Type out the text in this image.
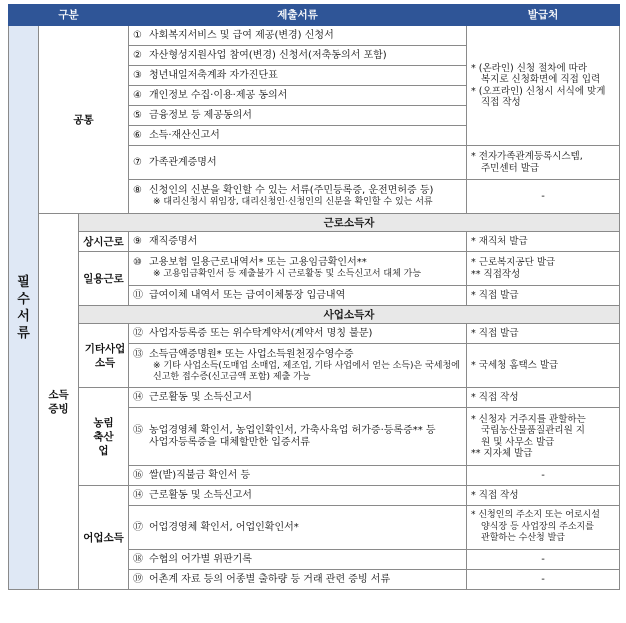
구분			제출서류	발급처
필수서류	공통		① 사회복지서비스 및 급여 제공(변경) 신청서	* (온라인) 신청 절차에 따라
복지로 신청화면에 직접 입력
* (오프라인) 신청시 서식에 맞게
직접 작성

			② 자산형성지원사업 참여(변경) 신청서(저축동의서 포함)	
			③ 청년내일저축계좌 자가진단표	
			④ 개인정보 수집·이용·제공 동의서	
			⑤ 금융정보 등 제공동의서	
			⑥ 소득·재산신고서	
			⑦ 가족관계증명서	* 전자가족관계등록시스템,
주민센터 발급

			⑧ 신청인의 신분을 확인할 수 있는 서류(주민등록증, 운전면허증 등)
※ 대리신청시 위임장, 대리신청인·신청인의 신분을 확인할 수 있는 서류	-
	소득증빙	근로소득자		
		상시근로	⑨ 재직증명서	* 재직처 발급
		일용근로	⑩ 고용보험 일용근로내역서* 또는 고용임금확인서**
※ 고용임금확인서 등 제출불가 시 근로활동 및 소득신고서 대체 가능	* 근로복지공단 발급
** 직접작성

			⑪ 급여이체 내역서 또는 급여이체통장 입금내역	* 직접 발급
		사업소득자		
		기타사업소득	⑫ 사업자등록증 또는 위수탁계약서(계약서 명칭 불문)	* 직접 발급
			⑬ 소득금액증명원* 또는 사업소득원천징수영수증
※ 기타 사업소득(도매업 소매업, 제조업, 기타 사업에서 얻는 소득)은 국세청에
신고한 접수증(신고금액 포함) 제출 가능	* 국세청 홈택스 발급
		농림축산업	⑭ 근로활동 및 소득신고서	* 직접 작성
			⑮ 농업경영체 확인서, 농업인확인서, 가축사육업 허가증·등록증** 등
사업자등록증을 대체할만한 입증서류	* 신청자 거주지를 관할하는
국립농산물품질관리원 지
원 및 사무소 발급
** 지자체 발급

			⑯ 쌀(밭)직불금 확인서 등	-
		어업소득	⑭ 근로활동 및 소득신고서	* 직접 작성
			⑰ 어업경영체 확인서, 어업인확인서*	* 신청인의 주소지 또는 어로시설
양식장 등 사업장의 주소지를
관할하는 수산청 발급

			⑱ 수협의 어가별 위판기록	-
			⑲ 어촌계 자료 등의 어종별 출하량 등 거래 관련 증빙 서류	-
